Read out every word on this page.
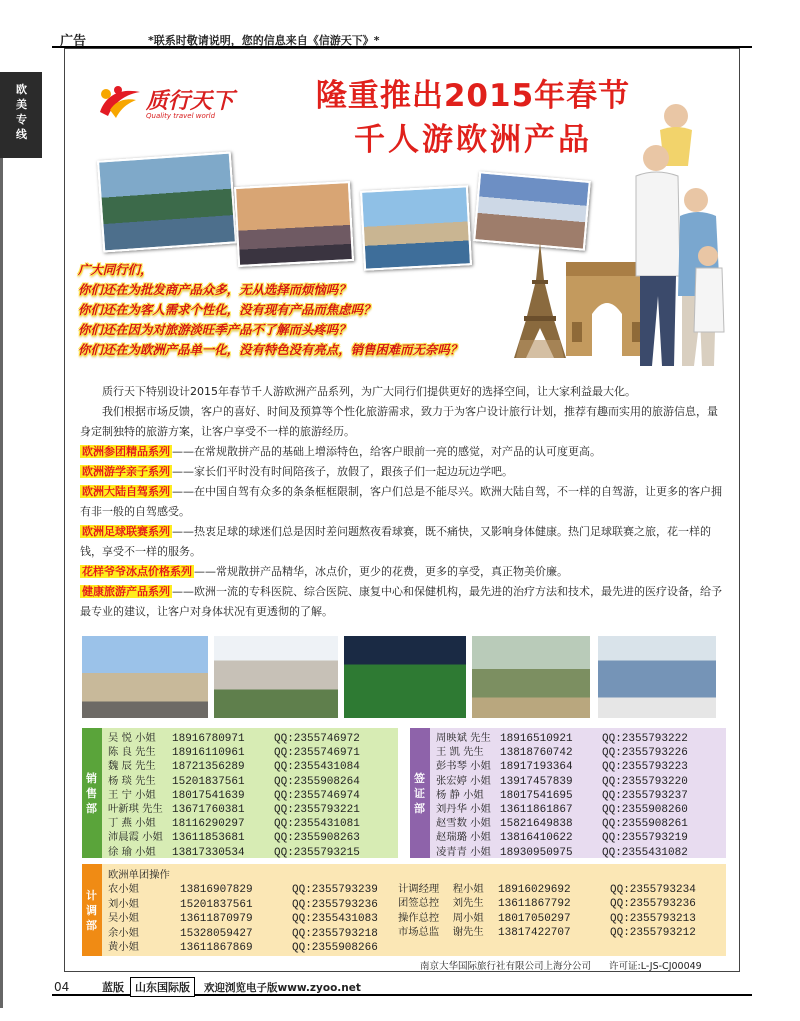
广告	*联系时敬请说明，您的信息来自《信游天下》*
欧美专线
质行天下
Quality travel world
隆重推出2015年春节
千人游欧洲产品
广大同行们，
你们还在为批发商产品众多，无从选择而烦恼吗？
你们还在为客人需求个性化，没有现有产品而焦虑吗？
你们还在因为对旅游淡旺季产品不了解而头疼吗？
你们还在为欧洲产品单一化，没有特色没有亮点，销售困难而无奈吗？

质行天下特别设计2015年春节千人游欧洲产品系列，为广大同行们提供更好的选择空间，让大家利益最大化。

我们根据市场反馈，客户的喜好、时间及预算等个性化旅游需求，致力于为客户设计旅行计划，推荐有趣而实用的旅游信息，量身定制独特的旅游方案，让客户享受不一样的旅游经历。

欧洲参团精品系列 ——在常规散拼产品的基础上增添特色，给客户眼前一亮的感觉，对产品的认可度更高。

欧洲游学亲子系列 ——家长们平时没有时间陪孩子，放假了，跟孩子们一起边玩边学吧。

欧洲大陆自驾系列 ——在中国自驾有众多的条条框框限制，客户们总是不能尽兴。欧洲大陆自驾，不一样的自驾游，让更多的客户拥有非一般的自驾感受。

欧洲足球联赛系列 ——热衷足球的球迷们总是因时差问题熬夜看球赛，既不痛快，又影响身体健康。热门足球联赛之旅，花一样的钱，享受不一样的服务。

花样爷爷冰点价格系列 ——常规散拼产品精华，冰点价，更少的花费，更多的享受，真正物美价廉。

健康旅游产品系列 ——欧洲一流的专科医院、综合医院、康复中心和保健机构，最先进的治疗方法和技术，最先进的医疗设备，给予最专业的建议，让客户对身体状况有更透彻的了解。

销售部
吴 悦 小姐 18916780971	QQ:2355746972
陈 良 先生 18916110961	QQ:2355746971
魏 辰 先生 18721356289	QQ:2355431084
杨 琰 先生 15201837561	QQ:2355908264
王 宁 小姐 18017541639	QQ:2355746974
叶新琪 先生 13671760381	QQ:2355793221
丁 燕 小姐 18116290297	QQ:2355431081
沛晨霞 小姐 13611853681	QQ:2355908263
徐 瑜 小姐 13817330534	QQ:2355793215
签证部
周映斌 先生 18916510921	QQ:2355793222
王 凯 先生 13818760742	QQ:2355793226
彭书琴 小姐 18917193364	QQ:2355793223
张宏婷 小姐 13917457839	QQ:2355793220
杨 静 小姐 18017541695	QQ:2355793237
刘丹华 小姐 13611861867	QQ:2355908260
赵雪数 小姐 15821649838	QQ:2355908261
赵瑞璐 小姐 13816410622	QQ:2355793219
凌青青 小姐 18930950975	QQ:2355431082
计调部
欧洲单团操作
农小姐	13816907829	QQ:2355793239
刘小姐	15201837561	QQ:2355793236
吴小姐	13611870979	QQ:2355431083
余小姐	15328059427	QQ:2355793218
黄小姐	13611867869	QQ:2355908266
计调经理　 程小姐 18916029692	QQ:2355793234
团签总控　 刘先生 13611867792	QQ:2355793236
操作总控　 周小姐 18017050297	QQ:2355793213
市场总监　 谢先生 13817422707	QQ:2355793212
南京大华国际旅行社有限公司上海分公司 许可证:L-JS-CJ00049
04	蓝版	山东国际版	欢迎浏览电子版www.zyoo.net
